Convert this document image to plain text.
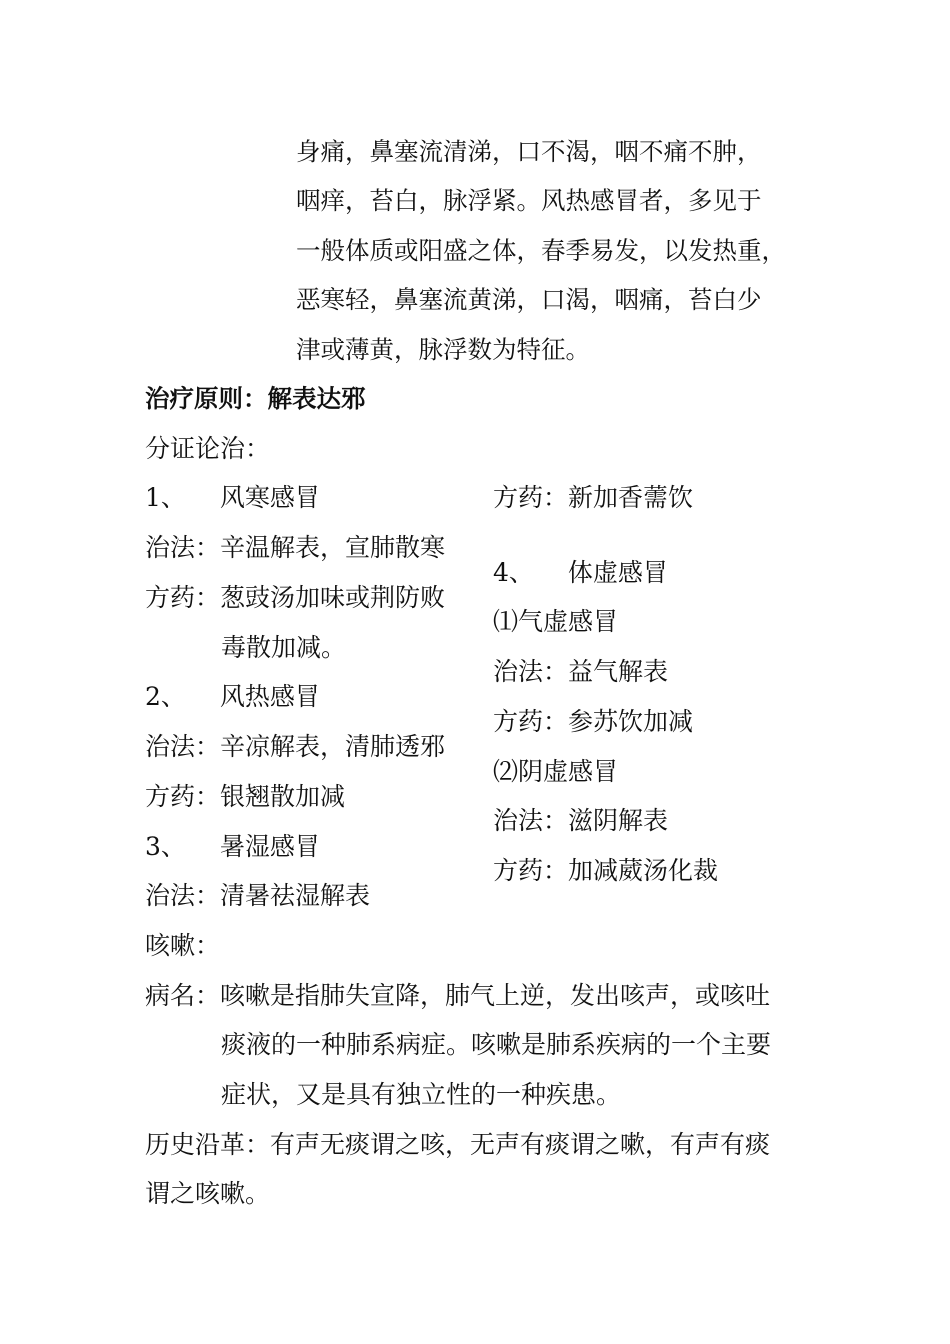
身痛，鼻塞流清涕，口不渴，咽不痛不肿，

咽痒，苔白，脉浮紧。风热感冒者，多见于

一般体质或阳盛之体，春季易发，以发热重，

恶寒轻，鼻塞流黄涕，口渴，咽痛，苔白少

津或薄黄，脉浮数为特征。

治疗原则：解表达邪

分证论治：

1、 风寒感冒

治法：辛温解表，宣肺散寒

方药：葱豉汤加味或荆防败

毒散加减。

2、 风热感冒

治法：辛凉解表，清肺透邪

方药：银翘散加减

3、 暑湿感冒

治法：清暑祛湿解表

方药：新加香薷饮

4、 体虚感冒

⑴气虚感冒

治法：益气解表

方药：参苏饮加减

⑵阴虚感冒

治法：滋阴解表

方药：加减葳汤化裁

咳嗽：

病名：咳嗽是指肺失宣降，肺气上逆，发出咳声，或咳吐

痰液的一种肺系病症。咳嗽是肺系疾病的一个主要

症状，又是具有独立性的一种疾患。

历史沿革：有声无痰谓之咳，无声有痰谓之嗽，有声有痰

谓之咳嗽。
